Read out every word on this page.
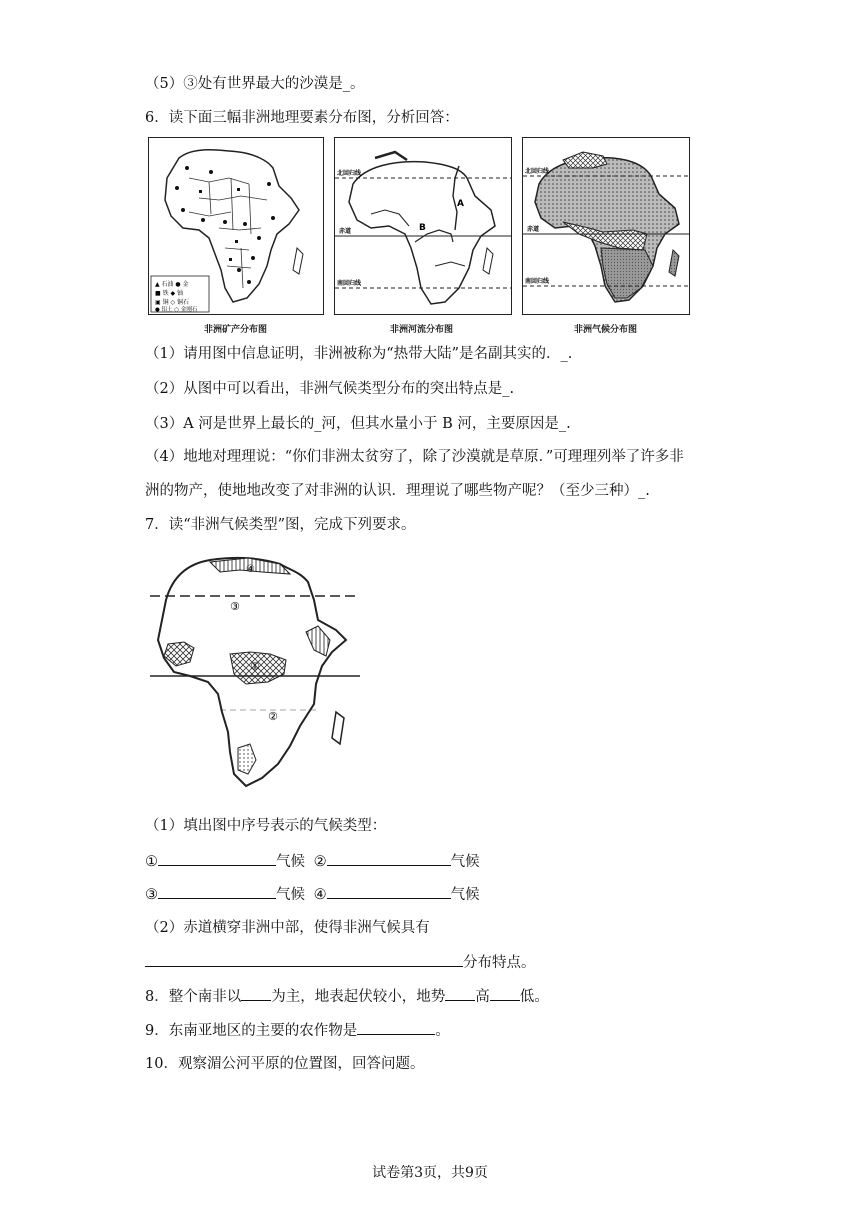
（5）③处有世界最大的沙漠是_。
6．读下面三幅非洲地理要素分布图，分析回答：
▲ 石油 ● 金
■ 铁 ◆ 铀
▣ 铜 ◇ 铜石
● 铝土 ○ 金刚石
非洲矿产分布图
北回归线
赤道
南回归线
A
B
非洲河流分布图
北回归线
赤道
南回归线
非洲气候分布图
（1）请用图中信息证明，非洲被称为“热带大陆”是名副其实的．_.
（2）从图中可以看出，非洲气候类型分布的突出特点是_.
（3）A 河是世界上最长的_河，但其水量小于 B 河，主要原因是_.
（4）地地对理理说：“你们非洲太贫穷了，除了沙漠就是草原．”可理理列举了许多非
洲的物产，使地地改变了对非洲的认识．理理说了哪些物产呢？（至少三种）_.
7．读“非洲气候类型”图，完成下列要求。
③
①
②
④
（1）填出图中序号表示的气候类型：
①	气候 ②	气候
③	气候 ④	气候
（2）赤道横穿非洲中部，使得非洲气候具有
分布特点。
8．整个南非以 为主，地表起伏较小，地势 高 低。
9．东南亚地区的主要的农作物是	。
10．观察湄公河平原的位置图，回答问题。
试卷第3页，共9页
